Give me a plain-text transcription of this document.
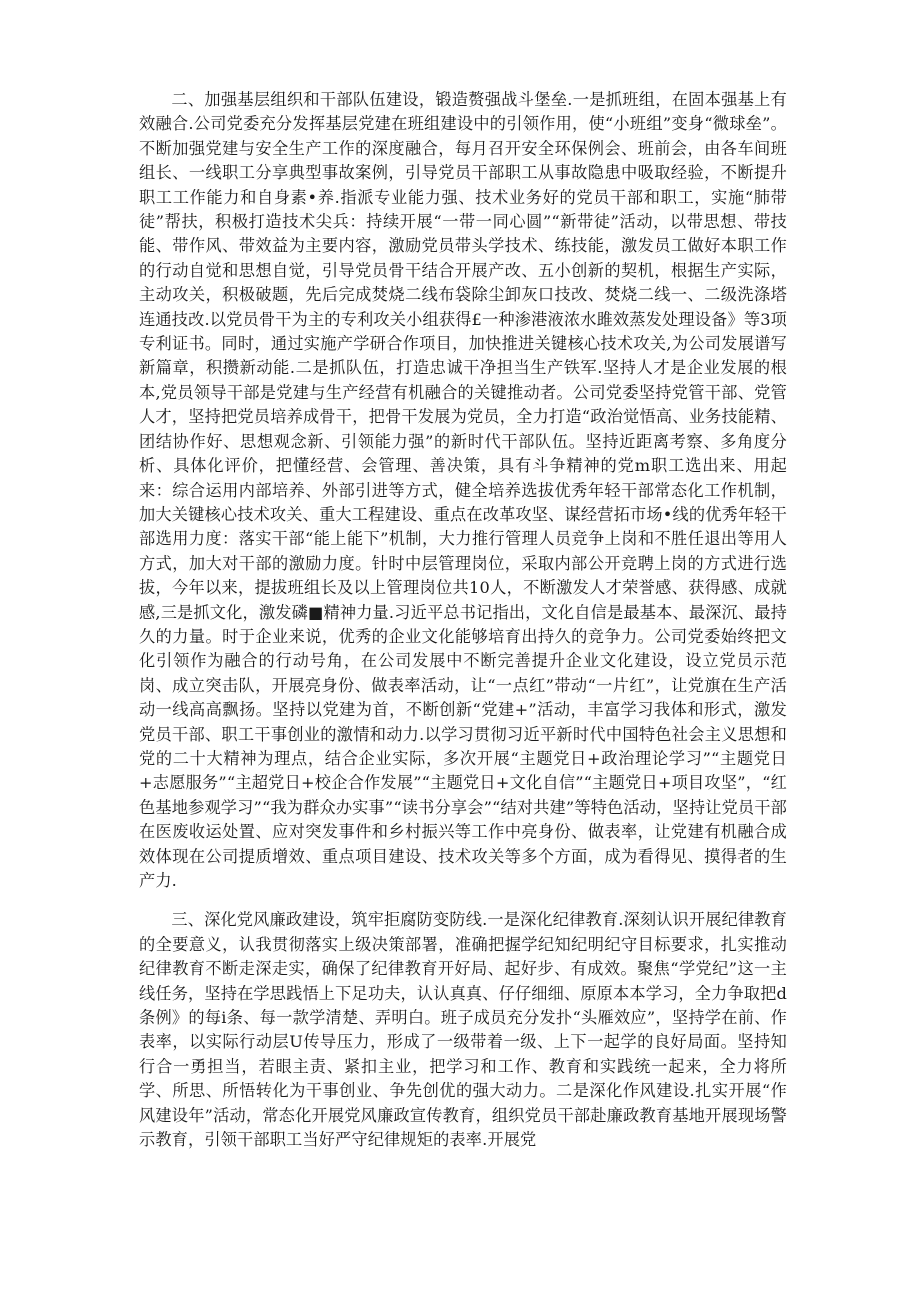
二、加强基层组织和干部队伍建设，锻造赘强战斗堡垒.一是抓班组，在固本强基上有效融合.公司党委充分发挥基层党建在班组建设中的引领作用，使“小班组”变身“微球垒”。不断加强党建与安全生产工作的深度融合，每月召开安全环保例会、班前会，由各车间班组长、一线职工分享典型事故案例，引导党员干部职工从事故隐患中吸取经验，不断提升职工工作能力和自身素•养.指派专业能力强、技术业务好的党员干部和职工，实施“肺带徒”帮扶，积极打造技术尖兵：持续开展“一带一同心圆”“新带徒”活动，以带思想、带技能、带作风、带效益为主要内容，激励党员带头学技术、练技能，激发员工做好本职工作的行动自觉和思想自觉，引导党员骨干结合开展产改、五小创新的契机，根据生产实际，主动攻关，积极破题，先后完成焚烧二线布袋除尘卸灰口技改、焚烧二线一、二级洗涤塔连通技改.以党员骨干为主的专利攻关小组获得£一种渗港液浓水雎效蒸发处理设备》等3项专利证书。同时，通过实施产学研合作项目，加快推进关键核心技术攻关,为公司发展谱写新篇章，积攒新动能.二是抓队伍，打造忠诚干净担当生产铁军.坚持人才是企业发展的根本,党员领导干部是党建与生产经营有机融合的关键推动者。公司党委坚持党管干部、党管人才，坚持把党员培养成骨干，把骨干发展为党员，全力打造“政治觉悟高、业务技能精、团结协作好、思想观念新、引领能力强”的新时代干部队伍。坚持近距离考察、多角度分析、具体化评价，把懂经营、会管理、善决策，具有斗争精神的党m职工选出来、用起来：综合运用内部培养、外部引进等方式，健全培养选拔优秀年轻干部常态化工作机制，加大关键核心技术攻关、重大工程建设、重点在改革攻坚、谋经营拓市场•线的优秀年轻干部选用力度：落实干部“能上能下”机制，大力推行管理人员竞争上岗和不胜任退出等用人方式，加大对干部的激励力度。针时中层管理岗位，采取内部公开竞聘上岗的方式进行选拔，今年以来，提拔班组长及以上管理岗位共10人，不断激发人才荣誉感、获得感、成就感,三是抓文化，激发磷■精神力量.习近平总书记指出，文化自信是最基本、最深沉、最持久的力量。时于企业来说，优秀的企业文化能够培育出持久的竞争力。公司党委始终把文化引领作为融合的行动号角，在公司发展中不断完善提升企业文化建设，设立党员示范岗、成立突击队，开展亮身份、做表率活动，让“一点红”带动“一片红”，让党旗在生产活动一线高高飘扬。坚持以党建为首，不断创新“党建+”活动，丰富学习我体和形式，激发党员干部、职工干事创业的激情和动力.以学习贯彻习近平新时代中国特色社会主义思想和党的二十大精神为理点，结合企业实际，多次开展“主题党日+政治理论学习”“主题党日+志愿服务”“主超党日+校企合作发展”“主题党日+文化自信”“主题党日+项目攻坚”，“红色基地参观学习”“我为群众办实事”“读书分享会”“结对共建”等特色活动，坚持让党员干部在医废收运处置、应对突发事件和乡村振兴等工作中亮身份、做表率，让党建有机融合成效体现在公司提质增效、重点项目建设、技术攻关等多个方面，成为看得见、摸得者的生产力.

三、深化党风廉政建设，筑牢拒腐防变防线.一是深化纪律教育.深刻认识开展纪律教育的全要意义，认我贯彻落实上级决策部署，准确把握学纪知纪明纪守目标要求，扎实推动纪律教育不断走深走实，确保了纪律教育开好局、起好步、有成效。聚焦“学党纪”这一主线任务，坚持在学思践悟上下足功夫，认认真真、仔仔细细、原原本本学习，全力争取把d条例》的每i条、每一款学清楚、弄明白。班子成员充分发扑“头雁效应”，坚持学在前、作表率，以实际行动层U传导压力，形成了一级带着一级、上下一起学的良好局面。坚持知行合一勇担当，若眼主责、紧扣主业，把学习和工作、教育和实践统一起来，全力将所学、所思、所悟转化为干事创业、争先创优的强大动力。二是深化作风建设.扎实开展“作风建设年”活动，常态化开展党风廉政宣传教育，组织党员干部赴廉政教育基地开展现场警示教育，引领干部职工当好严守纪律规矩的表率.开展党
